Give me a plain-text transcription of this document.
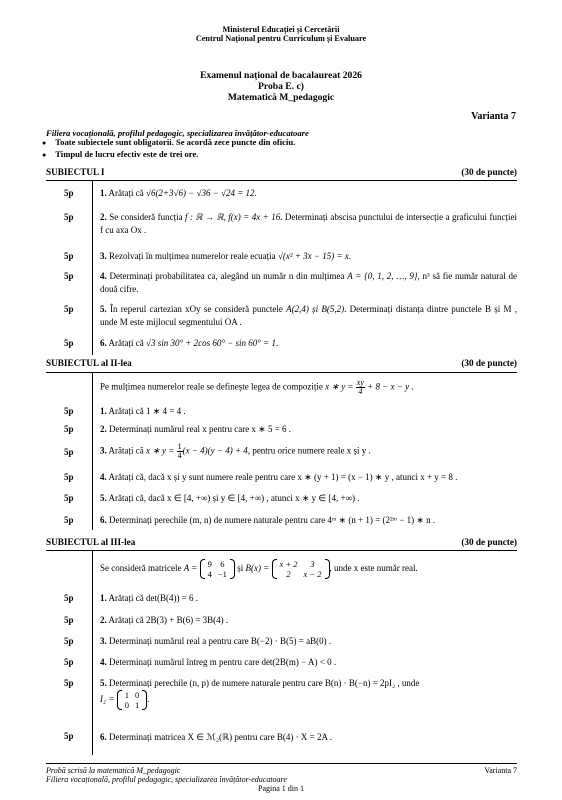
Ministerul Educației și Cercetării
Centrul Național pentru Curriculum și Evaluare
Examenul național de bacalaureat 2026
Proba E. c)
Matematică M_pedagogic
Varianta 7
Filiera vocațională, profilul pedagogic, specializarea învățător-educatoare
● Toate subiectele sunt obligatorii. Se acordă zece puncte din oficiu.
● Timpul de lucru efectiv este de trei ore.
SUBIECTUL I	(30 de puncte)
5p	1. Arătați că √6(2+3√6) − √36 − √24 = 12.
5p	2. Se consideră funcția f : ℝ → ℝ, f(x) = 4x + 16. Determinați abscisa punctului de intersecție a graficului funcției f cu axa Ox .
5p	3. Rezolvați în mulțimea numerelor reale ecuația √(x² + 3x − 15) = x.
5p	4. Determinați probabilitatea ca, alegând un număr n din mulțimea A = {0, 1, 2, …, 9}, n³ să fie număr natural de două cifre.
5p	5. În reperul cartezian xOy se consideră punctele A(2,4) și B(5,2). Determinați distanța dintre punctele B și M , unde M este mijlocul segmentului OA .
5p	6. Arătați că √3 sin 30° + 2cos 60° − sin 60° = 1.
SUBIECTUL al II-lea	(30 de puncte)
Pe mulțimea numerelor reale se definește legea de compoziție x ∗ $y = \frac{xy}{4} + 8 - x - y$ .
5p	1. Arătați că 1 ∗ 4 = 4 .
5p	2. Determinați numărul real x pentru care x ∗ 5 = 6 .
5p	3. Arătați că x ∗ $y = \frac{1}{4} (x - 4)(y - 4) + 4$, pentru orice numere reale x și y .
5p	4. Arătați că, dacă x și y sunt numere reale pentru care x ∗ (y + 1) = (x − 1) ∗ y , atunci x + y = 8 .
5p	5. Arătați că, dacă x ∈ [4, +∞) și y ∈ [4, +∞) , atunci x ∗ y ∈ [4, +∞) .
5p	6. Determinați perechile (m, n) de numere naturale pentru care 4ᵐ ∗ (n + 1) = (2²ᵐ − 1) ∗ n .
SUBIECTUL al III-lea	(30 de puncte)
Se consideră matricele A = 9	6
4	−1
și B(x) = x + 2	3
2	x − 2
, unde x este număr real.
5p	1. Arătați că det(B(4)) = 6 .
5p	2. Arătați că 2B(3) + B(6) = 3B(4) .
5p	3. Determinați numărul real a pentru care B(−2) · B(5) = aB(0) .
5p	4. Determinați numărul întreg m pentru care det(2B(m) − A) < 0 .
5p	5. Determinați perechile (n, p) de numere naturale pentru care B(n) · B(−n) = 2pI₂ , unde
I₂ = 1	0
0	1
.
5p	6. Determinați matricea X ∈ ℳ₂(ℝ) pentru care B(4) · X = 2A .
Probă scrisă la matematică M_pedagogic
Filiera vocațională, profilul pedagogic, specializarea învățător-educatoare
Varianta 7
Pagina 1 din 1
